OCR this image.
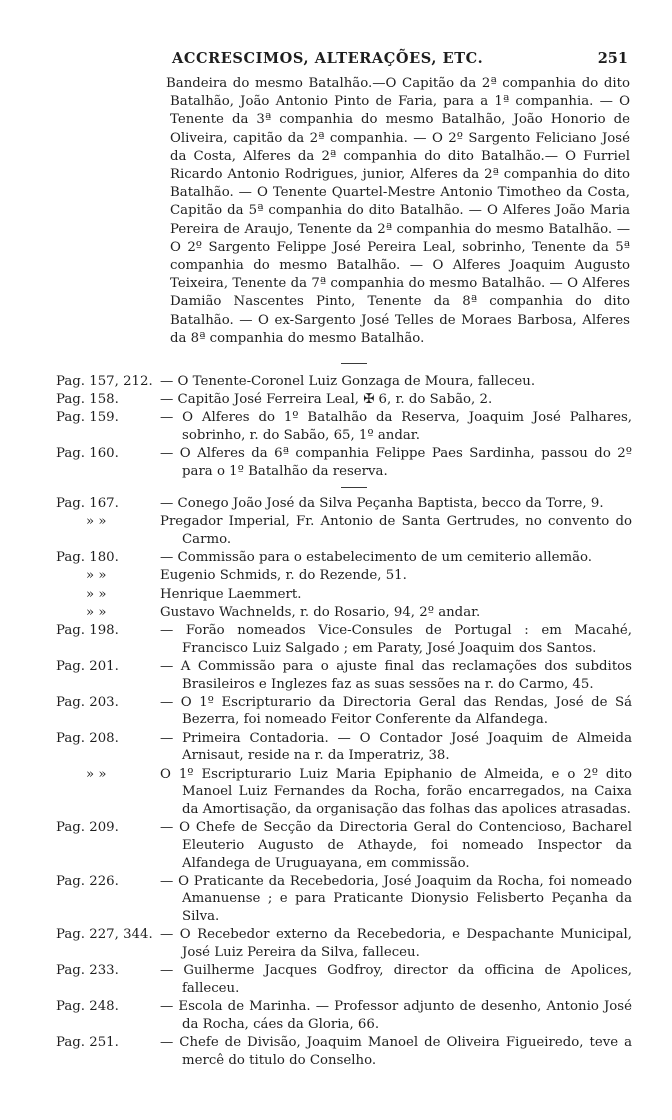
ACCRESCIMOS, ALTERAÇÕES, ETC.	251
Bandeira do mesmo Batalhão.—O Capitão da 2ª companhia do dito Batalhão, João Antonio Pinto de Faria, para a 1ª companhia. — O Tenente da 3ª companhia do mesmo Batalhão, João Honorio de Oliveira, capitão da 2ª companhia. — O 2º Sargento Feliciano José da Costa, Alferes da 2ª companhia do dito Batalhão.— O Furriel Ricardo Antonio Rodrigues, junior, Alferes da 2ª companhia do dito Batalhão. — O Tenente Quartel-Mestre Antonio Timotheo da Costa, Capitão da 5ª companhia do dito Batalhão. — O Alferes João Maria Pereira de Araujo, Tenente da 2ª companhia do mesmo Batalhão. — O 2º Sargento Felippe José Pereira Leal, sobrinho, Tenente da 5ª companhia do mesmo Batalhão. — O Alferes Joaquim Augusto Teixeira, Tenente da 7ª companhia do mesmo Batalhão. — O Alferes Damião Nascentes Pinto, Tenente da 8ª companhia do dito Batalhão. — O ex-Sargento José Telles de Moraes Barbosa, Alferes da 8ª companhia do mesmo Batalhão.
Pag. 157, 212. — O Tenente-Coronel Luiz Gonzaga de Moura, falleceu.
Pag. 158.	— Capitão José Ferreira Leal, ✠ 6, r. do Sabão, 2.
Pag. 159.	— O Alferes do 1º Batalhão da Reserva, Joaquim José Palhares, sobrinho, r. do Sabão, 65, 1º andar.
Pag. 160.	— O Alferes da 6ª companhia Felippe Paes Sardinha, passou do 2º para o 1º Batalhão da reserva.
Pag. 167.	— Conego João José da Silva Peçanha Baptista, becco da Torre, 9.
» »	Pregador Imperial, Fr. Antonio de Santa Gertrudes, no convento do Carmo.
Pag. 180.	— Commissão para o estabelecimento de um cemiterio allemão.
» »	Eugenio Schmids, r. do Rezende, 51.
» »	Henrique Laemmert.
» »	Gustavo Wachnelds, r. do Rosario, 94, 2º andar.
Pag. 198.	— Forão nomeados Vice-Consules de Portugal : em Macahé, Francisco Luiz Salgado ; em Paraty, José Joaquim dos Santos.
Pag. 201.	— A Commissão para o ajuste final das reclamações dos subditos Brasileiros e Inglezes faz as suas sessões na r. do Carmo, 45.
Pag. 203.	— O 1º Escripturario da Directoria Geral das Rendas, José de Sá Bezerra, foi nomeado Feitor Conferente da Alfandega.
Pag. 208.	— Primeira Contadoria. — O Contador José Joaquim de Almeida Arnisaut, reside na r. da Imperatriz, 38.
» »	O 1º Escripturario Luiz Maria Epiphanio de Almeida, e o 2º dito Manoel Luiz Fernandes da Rocha, forão encarregados, na Caixa da Amortisação, da organisação das folhas das apolices atrasadas.
Pag. 209.	— O Chefe de Secção da Directoria Geral do Contencioso, Bacharel Eleuterio Augusto de Athayde, foi nomeado Inspector da Alfandega de Uruguayana, em commissão.
Pag. 226.	— O Praticante da Recebedoria, José Joaquim da Rocha, foi nomeado Amanuense ; e para Praticante Dionysio Felisberto Peçanha da Silva.
Pag. 227, 344. — O Recebedor externo da Recebedoria, e Despachante Municipal, José Luiz Pereira da Silva, falleceu.
Pag. 233.	— Guilherme Jacques Godfroy, director da officina de Apolices, falleceu.
Pag. 248.	— Escola de Marinha. — Professor adjunto de desenho, Antonio José da Rocha, cáes da Gloria, 66.
Pag. 251.	— Chefe de Divisão, Joaquim Manoel de Oliveira Figueiredo, teve a mercê do titulo do Conselho.
